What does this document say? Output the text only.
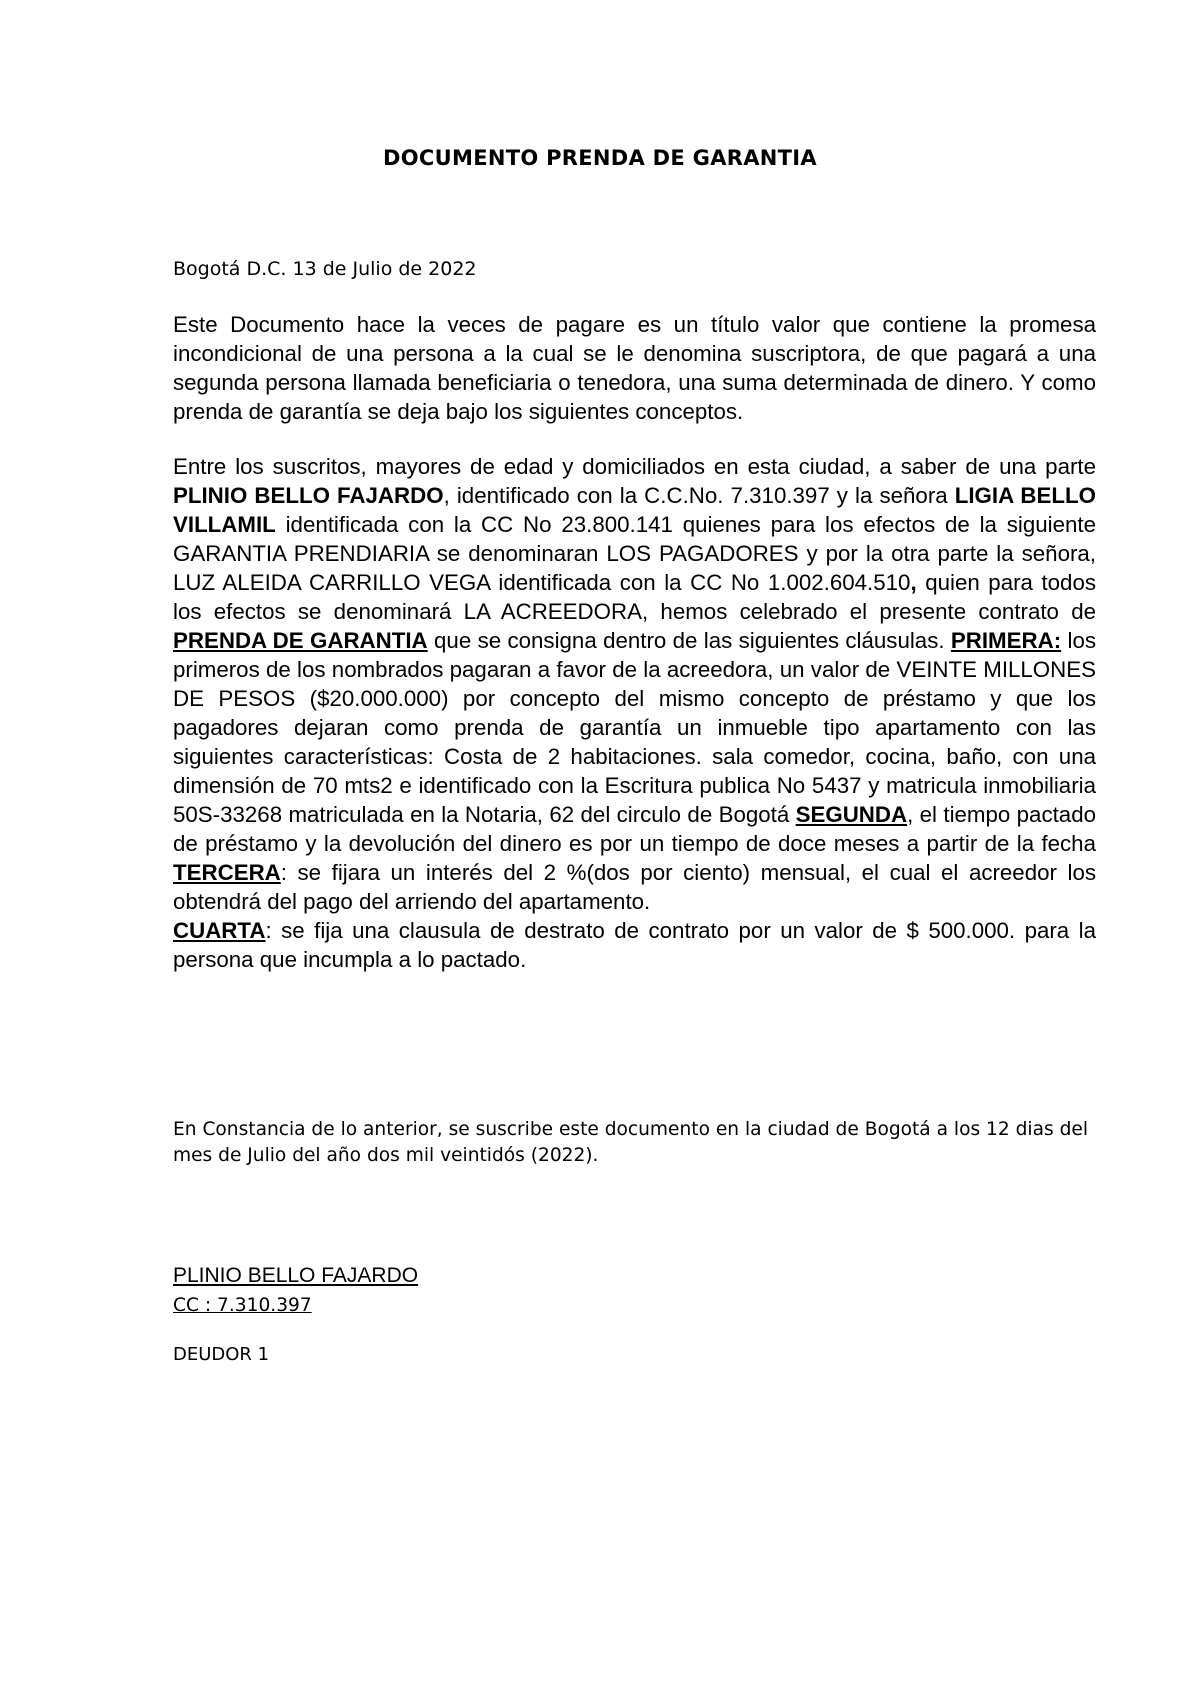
DOCUMENTO PRENDA DE GARANTIA
Bogotá D.C. 13 de Julio de 2022
Este Documento hace la veces de pagare es un título valor que contiene la promesa incondicional de una persona a la cual se le denomina suscriptora, de que pagará a una segunda persona llamada beneficiaria o tenedora, una suma determinada de dinero. Y como prenda de garantía se deja bajo los siguientes conceptos.
Entre los suscritos, mayores de edad y domiciliados en esta ciudad, a saber de una parte PLINIO BELLO FAJARDO, identificado con la C.C.No. 7.310.397 y la señora LIGIA BELLO VILLAMIL identificada con la CC No 23.800.141 quienes para los efectos de la siguiente GARANTIA PRENDIARIA se denominaran LOS PAGADORES y por la otra parte la señora, LUZ ALEIDA CARRILLO VEGA identificada con la CC No 1.002.604.510, quien para todos los efectos se denominará LA ACREEDORA, hemos celebrado el presente contrato de PRENDA DE GARANTIA que se consigna dentro de las siguientes cláusulas. PRIMERA: los primeros de los nombrados pagaran a favor de la acreedora, un valor de VEINTE MILLONES DE PESOS ($20.000.000) por concepto del mismo concepto de préstamo y que los pagadores dejaran como prenda de garantía un inmueble tipo apartamento con las siguientes características: Costa de 2 habitaciones. sala comedor, cocina, baño, con una dimensión de 70 mts2 e identificado con la Escritura publica No 5437 y matricula inmobiliaria 50S-33268 matriculada en la Notaria, 62 del circulo de Bogotá SEGUNDA, el tiempo pactado de préstamo y la devolución del dinero es por un tiempo de doce meses a partir de la fecha TERCERA: se fijara un interés del 2 %(dos por ciento) mensual, el cual el acreedor los obtendrá del pago del arriendo del apartamento.
CUARTA: se fija una clausula de destrato de contrato por un valor de $ 500.000. para la persona que incumpla a lo pactado.
En Constancia de lo anterior, se suscribe este documento en la ciudad de Bogotá a los 12 dias del mes de Julio del año dos mil veintidós (2022).
PLINIO BELLO FAJARDO
CC : 7.310.397
DEUDOR 1
